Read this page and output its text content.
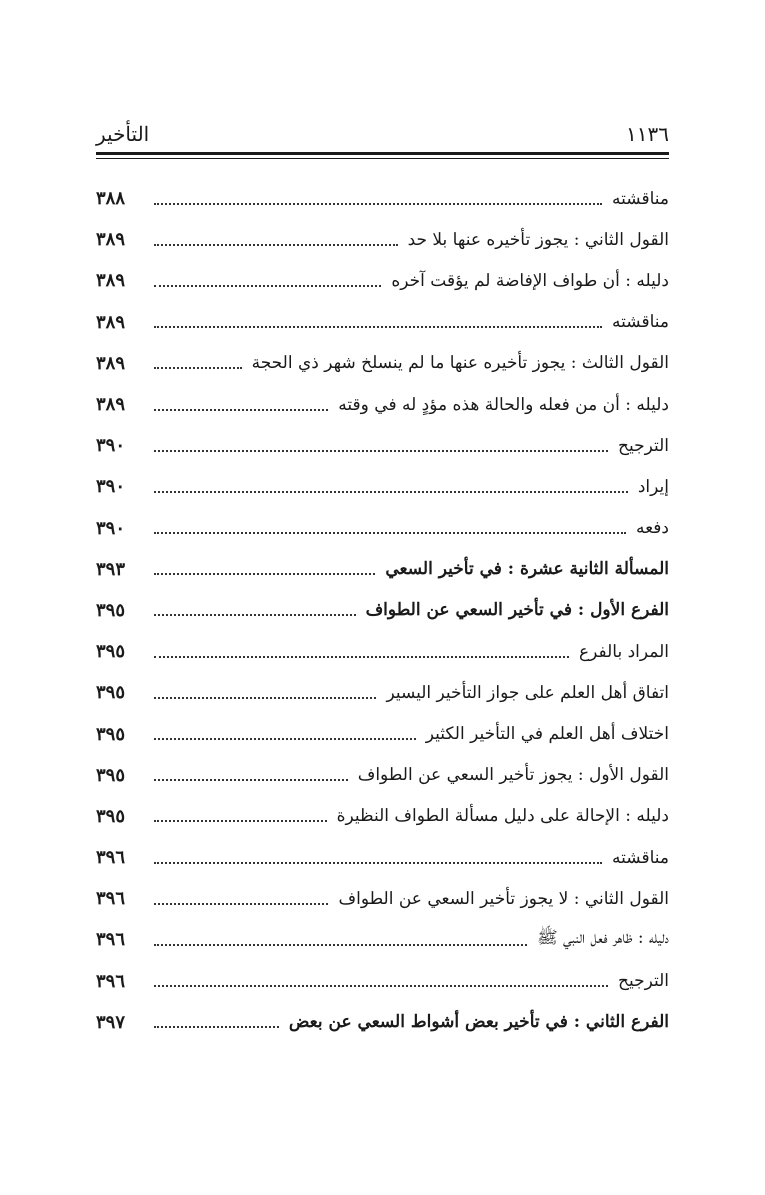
١١٣٦
التأخير
مناقشته
٣٨٨
القول الثاني : يجوز تأخيره عنها بلا حد
٣٨٩
دليله : أن طواف الإفاضة لم يؤقت آخره
٣٨٩
مناقشته
٣٨٩
القول الثالث : يجوز تأخيره عنها ما لم ينسلخ شهر ذي الحجة
٣٨٩
دليله : أن من فعله والحالة هذه مؤدٍ له في وقته
٣٨٩
الترجيح
٣٩٠
إيراد
٣٩٠
دفعه
٣٩٠
المسألة الثانية عشرة : في تأخير السعي
٣٩٣
الفرع الأول : في تأخير السعي عن الطواف
٣٩٥
المراد بالفرع
٣٩٥
اتفاق أهل العلم على جواز التأخير اليسير
٣٩٥
اختلاف أهل العلم في التأخير الكثير
٣٩٥
القول الأول : يجوز تأخير السعي عن الطواف
٣٩٥
دليله : الإحالة على دليل مسألة الطواف النظيرة
٣٩٥
مناقشته
٣٩٦
القول الثاني : لا يجوز تأخير السعي عن الطواف
٣٩٦
دليله : ظاهر فعل النبي ﷺ
٣٩٦
الترجيح
٣٩٦
الفرع الثاني : في تأخير بعض أشواط السعي عن بعض
٣٩٧
